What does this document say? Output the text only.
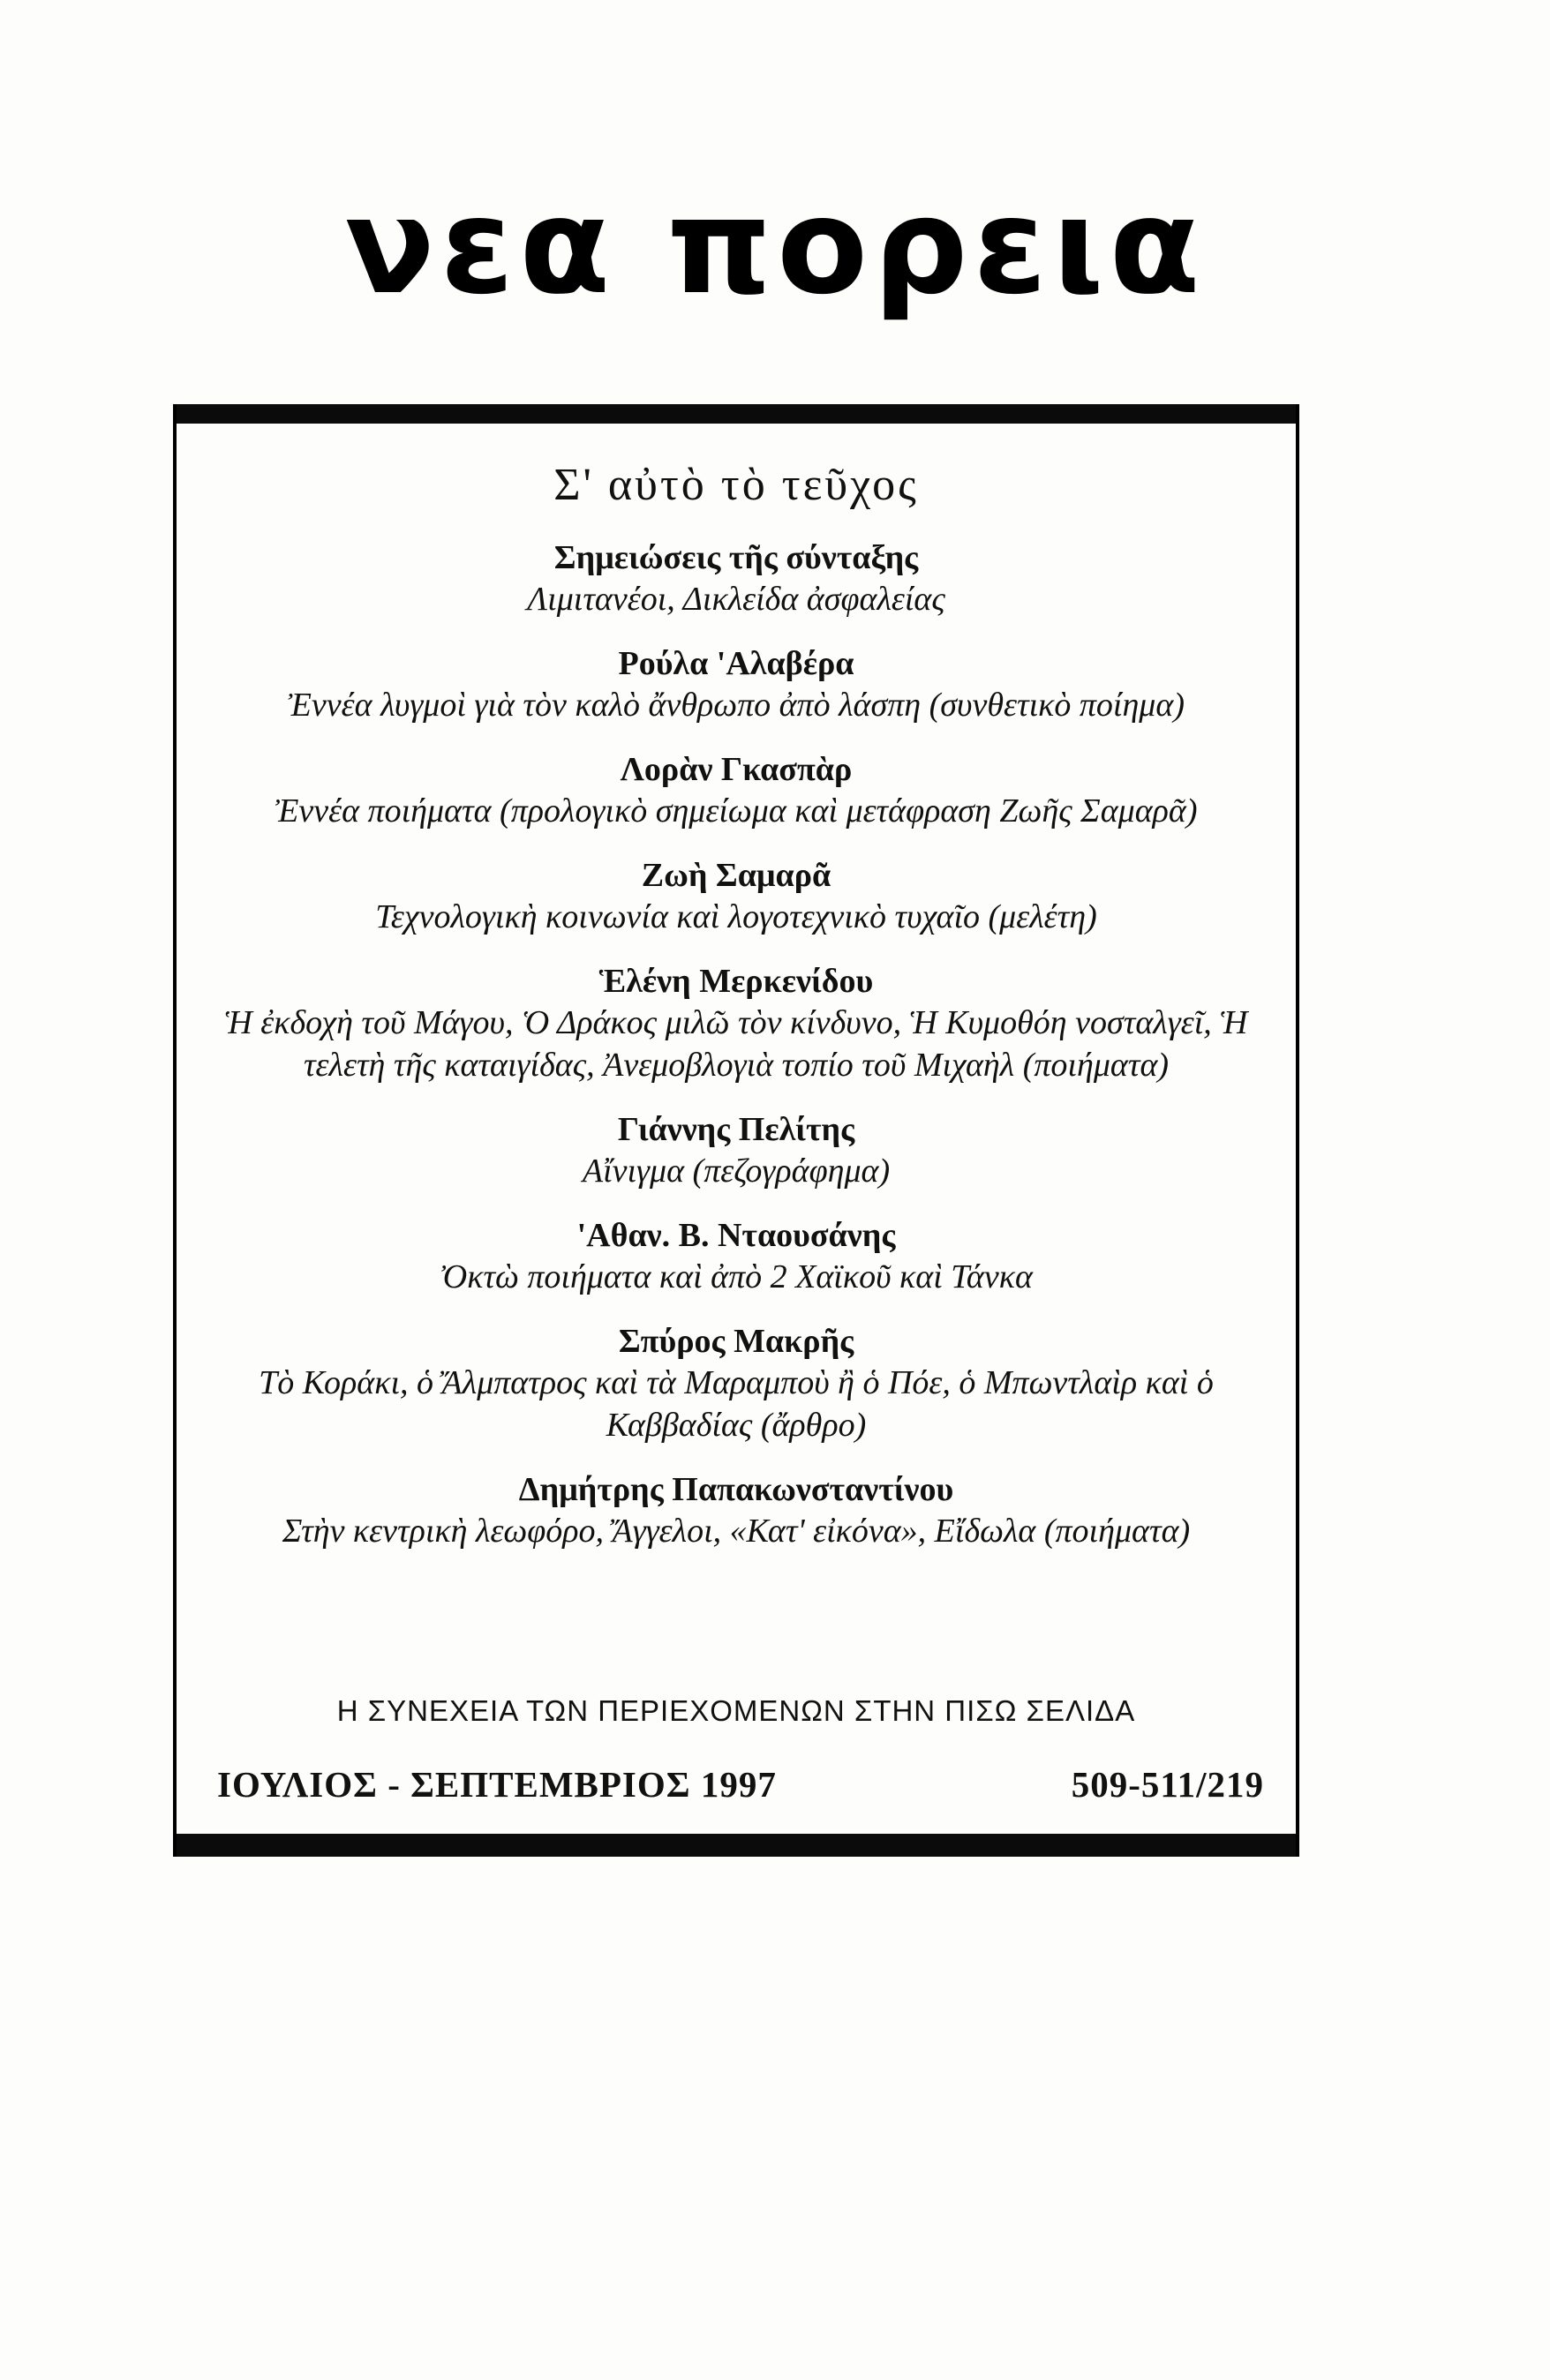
νεα πορεια
Σ' αὐτὸ τὸ τεῦχος
Σημειώσεις τῆς σύνταξης
Λιμιτανέοι, Δικλείδα ἀσφαλείας
Ρούλα 'Αλαβέρα
Ἐννέα λυγμοὶ γιὰ τὸν καλὸ ἄνθρωπο ἀπὸ λάσπη (συνθετικὸ ποίημα)
Λορὰν Γκασπὰρ
Ἐννέα ποιήματα (προλογικὸ σημείωμα καὶ μετάφραση Ζωῆς Σαμαρᾶ)
Ζωὴ Σαμαρᾶ
Τεχνολογικὴ κοινωνία καὶ λογοτεχνικὸ τυχαῖο (μελέτη)
Ἑλένη Μερκενίδου
Ἡ ἐκδοχὴ τοῦ Μάγου, Ὁ Δράκος μιλῶ τὸν κίνδυνο, Ἡ Κυμοθόη νοσταλγεῖ, Ἡ τελετὴ τῆς καταιγίδας, Ἀνεμοβλογιὰ τοπίο τοῦ Μιχαὴλ (ποιήματα)
Γιάννης Πελίτης
Αἴνιγμα (πεζογράφημα)
'Αθαν. Β. Νταουσάνης
Ὀκτὼ ποιήματα καὶ ἀπὸ 2 Χαϊκοῦ καὶ Τάνκα
Σπύρος Μακρῆς
Τὸ Κοράκι, ὁ Ἄλμπατρος καὶ τὰ Μαραμποὺ ἢ ὁ Πόε, ὁ Μπωντλαὶρ καὶ ὁ Καββαδίας (ἄρθρο)
Δημήτρης Παπακωνσταντίνου
Στὴν κεντρικὴ λεωφόρο, Ἄγγελοι, «Κατ' εἰκόνα», Εἴδωλα (ποιήματα)
Η ΣΥΝΕΧΕΙΑ ΤΩΝ ΠΕΡΙΕΧΟΜΕΝΩΝ ΣΤΗΝ ΠΙΣΩ ΣΕΛΙΔΑ
ΙΟΥΛΙΟΣ - ΣΕΠΤΕΜΒΡΙΟΣ 1997	509-511/219
